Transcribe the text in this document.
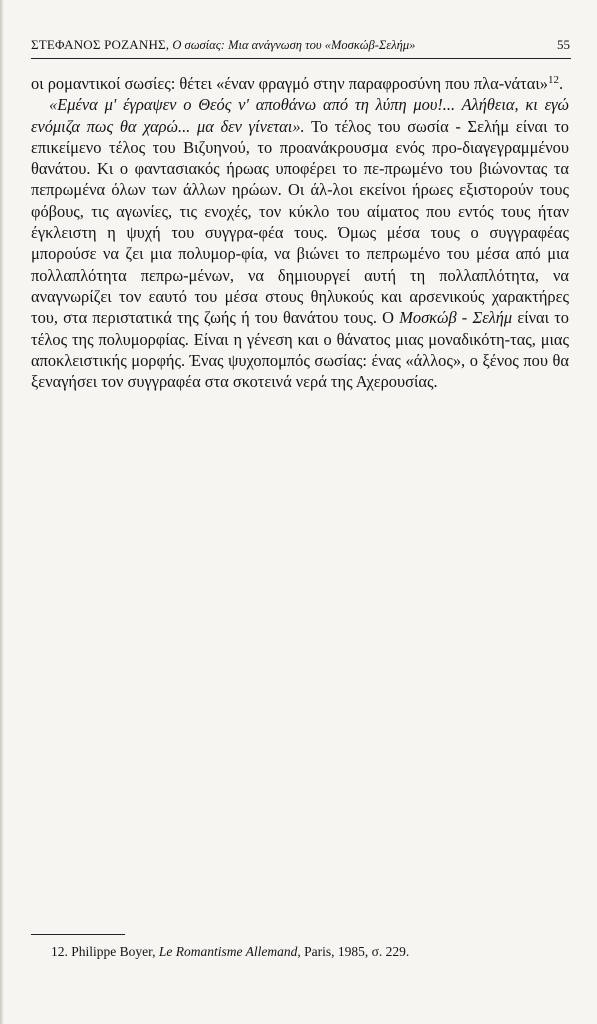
ΣΤΕΦΑΝΟΣ ΡΟΖΑΝΗΣ, Ο σωσίας: Μια ανάγνωση του «Μοσκώβ-Σελήμ»	55

οι ρομαντικοί σωσίες: θέτει «έναν φραγμό στην παραφροσύνη που πλα-νάται»$^{12}$.

«Εμένα μ' έγραψεν ο Θεός ν' αποθάνω από τη λύπη μου!... Αλήθεια, κι εγώ ενόμιζα πως θα χαρώ... μα δεν γίνεται». Το τέλος του σωσία - Σελήμ είναι το επικείμενο τέλος του Βιζυηνού, το προανάκρουσμα ενός προ-διαγεγραμμένου θανάτου. Κι ο φαντασιακός ήρωας υποφέρει το πε-πρωμένο του βιώνοντας τα πεπρωμένα όλων των άλλων ηρώων. Οι άλ-λοι εκείνοι ήρωες εξιστορούν τους φόβους, τις αγωνίες, τις ενοχές, τον κύκλο του αίματος που εντός τους ήταν έγκλειστη η ψυχή του συγγρα-φέα τους. Όμως μέσα τους ο συγγραφέας μπορούσε να ζει μια πολυμορ-φία, να βιώνει το πεπρωμένο του μέσα από μια πολλαπλότητα πεπρω-μένων, να δημιουργεί αυτή τη πολλαπλότητα, να αναγνωρίζει τον εαυτό του μέσα στους θηλυκούς και αρσενικούς χαρακτήρες του, στα περιστατικά της ζωής ή του θανάτου τους. Ο Μοσκώβ - Σελήμ είναι το τέλος της πολυμορφίας. Είναι η γένεση και ο θάνατος μιας μοναδικότη-τας, μιας αποκλειστικής μορφής. Ένας ψυχοπομπός σωσίας: ένας «άλλος», ο ξένος που θα ξεναγήσει τον συγγραφέα στα σκοτεινά νερά της Αχερουσίας.

12. Philippe Boyer, Le Romantisme Allemand, Paris, 1985, σ. 229.
